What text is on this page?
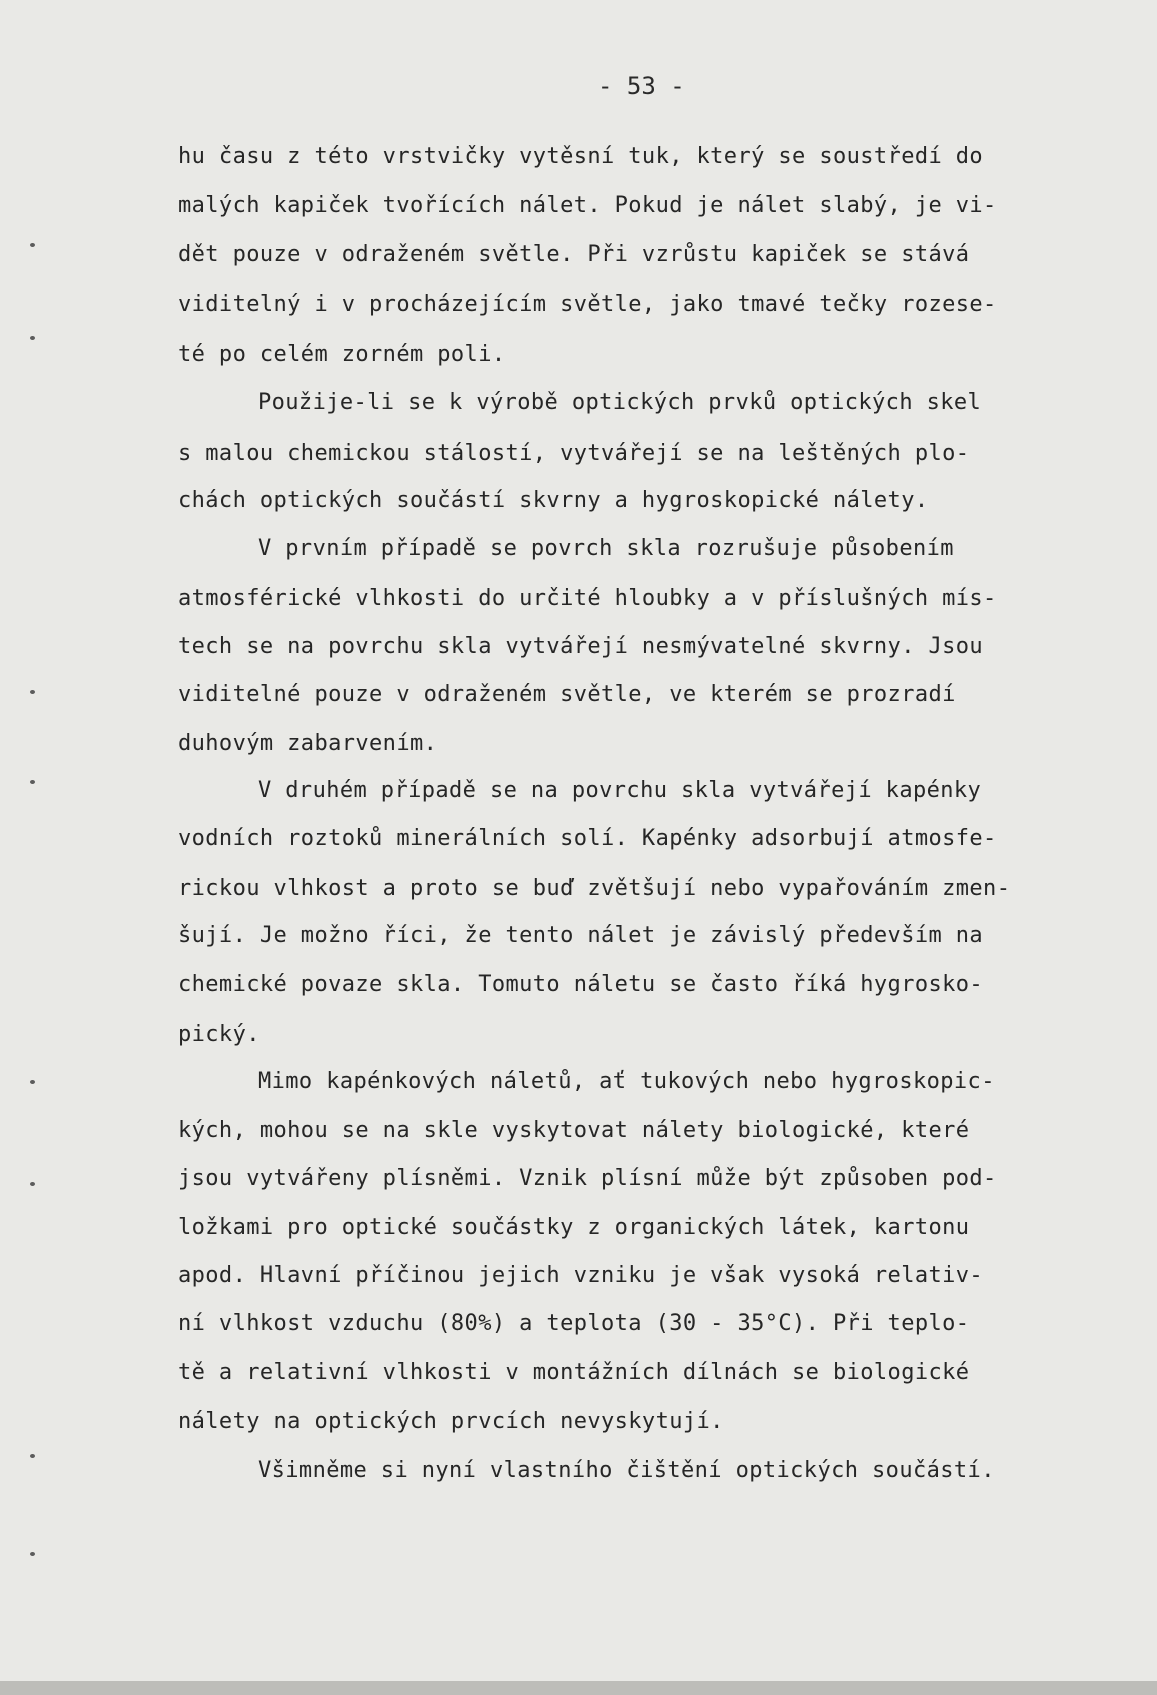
- 53 -
hu času z této vrstvičky vytěsní tuk, který se soustředí do
malých kapiček tvořících nálet. Pokud je nálet slabý, je vi-
dět pouze v odraženém světle. Při vzrůstu kapiček se stává
viditelný i v procházejícím světle, jako tmavé tečky rozese-
té po celém zorném poli.
Použije-li se k výrobě optických prvků optických skel
s malou chemickou stálostí, vytvářejí se na leštěných plo-
chách optických součástí skvrny a hygroskopické nálety.
V prvním případě se povrch skla rozrušuje působením
atmosférické vlhkosti do určité hloubky a v příslušných mís-
tech se na povrchu skla vytvářejí nesmývatelné skvrny. Jsou
viditelné pouze v odraženém světle, ve kterém se prozradí
duhovým zabarvením.
V druhém případě se na povrchu skla vytvářejí kapénky
vodních roztoků minerálních solí. Kapénky adsorbují atmosfe-
rickou vlhkost a proto se buď zvětšují nebo vypařováním zmen-
šují. Je možno říci, že tento nálet je závislý především na
chemické povaze skla. Tomuto náletu se často říká hygrosko-
pický.
Mimo kapénkových náletů, ať tukových nebo hygroskopic-
kých, mohou se na skle vyskytovat nálety biologické, které
jsou vytvářeny plísněmi. Vznik plísní může být způsoben pod-
ložkami pro optické součástky z organických látek, kartonu
apod. Hlavní příčinou jejich vzniku je však vysoká relativ-
ní vlhkost vzduchu (80%) a teplota (30 - 35°C). Při teplo-
tě a relativní vlhkosti v montážních dílnách se biologické
nálety na optických prvcích nevyskytují.
Všimněme si nyní vlastního čištění optických součástí.
